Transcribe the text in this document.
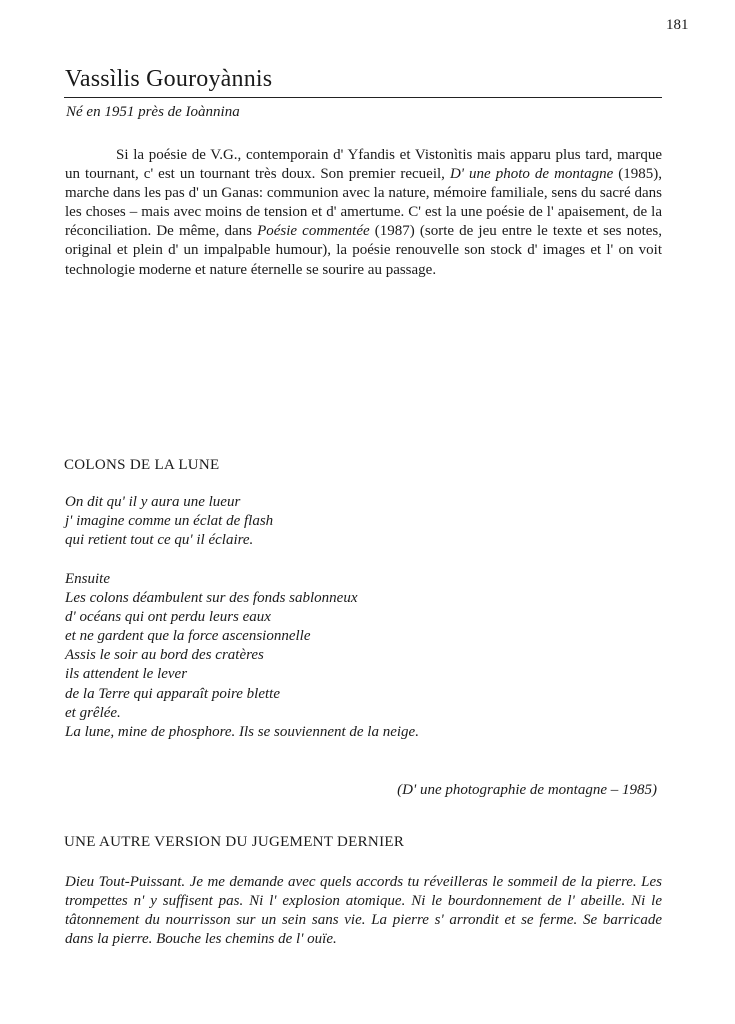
181
Vassìlis Gouroyànnis
Né en 1951 près de Ioànnina

Si la poésie de V.G., contemporain d' Yfandis et Vistonìtis mais apparu plus tard, marque un tournant, c' est un tournant très doux. Son premier recueil, D' une photo de montagne (1985), marche dans les pas d' un Ganas: communion avec la nature, mémoire familiale, sens du sacré dans les choses – mais avec moins de tension et d' amertume. C' est la une poésie de l' apaisement, de la réconciliation. De même, dans Poésie commentée (1987) (sorte de jeu entre le texte et ses notes, original et plein d' un impalpable humour), la poésie renouvelle son stock d' images et l' on voit technologie moderne et nature éternelle se sourire au passage.

COLONS DE LA LUNE

On dit qu' il y aura une lueur
j' imagine comme un éclat de flash
qui retient tout ce qu' il éclaire.

Ensuite
Les colons déambulent sur des fonds sablonneux
d' océans qui ont perdu leurs eaux
et ne gardent que la force ascensionnelle
Assis le soir au bord des cratères
ils attendent le lever
de la Terre qui apparaît poire blette
et grêlée.
La lune, mine de phosphore. Ils se souviennent de la neige.

(D' une photographie de montagne – 1985)
UNE AUTRE VERSION DU JUGEMENT DERNIER

Dieu Tout-Puissant. Je me demande avec quels accords tu réveilleras le sommeil de la pierre. Les trompettes n' y suffisent pas. Ni l' explosion atomique. Ni le bourdonnement de l' abeille. Ni le tâtonnement du nourrisson sur un sein sans vie. La pierre s' arrondit et se ferme. Se barricade dans la pierre. Bouche les chemins de l' ouïe.
